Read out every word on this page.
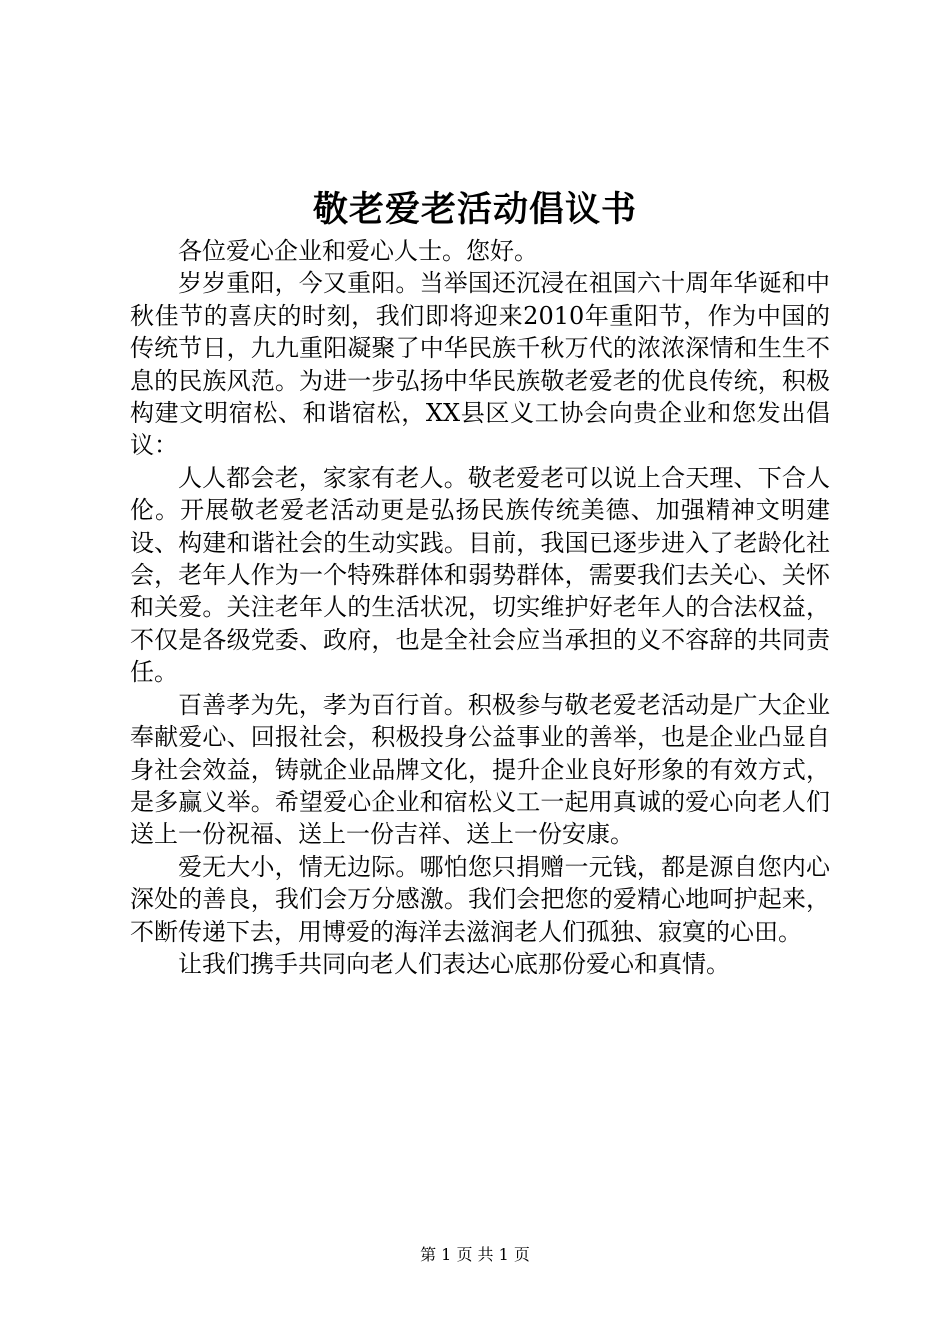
敬老爱老活动倡议书

各位爱心企业和爱心人士。您好。

岁岁重阳，今又重阳。当举国还沉浸在祖国六十周年华诞和中秋佳节的喜庆的时刻，我们即将迎来2010年重阳节，作为中国的传统节日，九九重阳凝聚了中华民族千秋万代的浓浓深情和生生不息的民族风范。为进一步弘扬中华民族敬老爱老的优良传统，积极构建文明宿松、和谐宿松，XX县区义工协会向贵企业和您发出倡议：

人人都会老，家家有老人。敬老爱老可以说上合天理、下合人伦。开展敬老爱老活动更是弘扬民族传统美德、加强精神文明建设、构建和谐社会的生动实践。目前，我国已逐步进入了老龄化社会，老年人作为一个特殊群体和弱势群体，需要我们去关心、关怀和关爱。关注老年人的生活状况，切实维护好老年人的合法权益，不仅是各级党委、政府，也是全社会应当承担的义不容辞的共同责任。

百善孝为先，孝为百行首。积极参与敬老爱老活动是广大企业奉献爱心、回报社会，积极投身公益事业的善举，也是企业凸显自身社会效益，铸就企业品牌文化，提升企业良好形象的有效方式，是多赢义举。希望爱心企业和宿松义工一起用真诚的爱心向老人们送上一份祝福、送上一份吉祥、送上一份安康。

爱无大小，情无边际。哪怕您只捐赠一元钱，都是源自您内心深处的善良，我们会万分感激。我们会把您的爱精心地呵护起来，不断传递下去，用博爱的海洋去滋润老人们孤独、寂寞的心田。

让我们携手共同向老人们表达心底那份爱心和真情。

第 1 页 共 1 页
